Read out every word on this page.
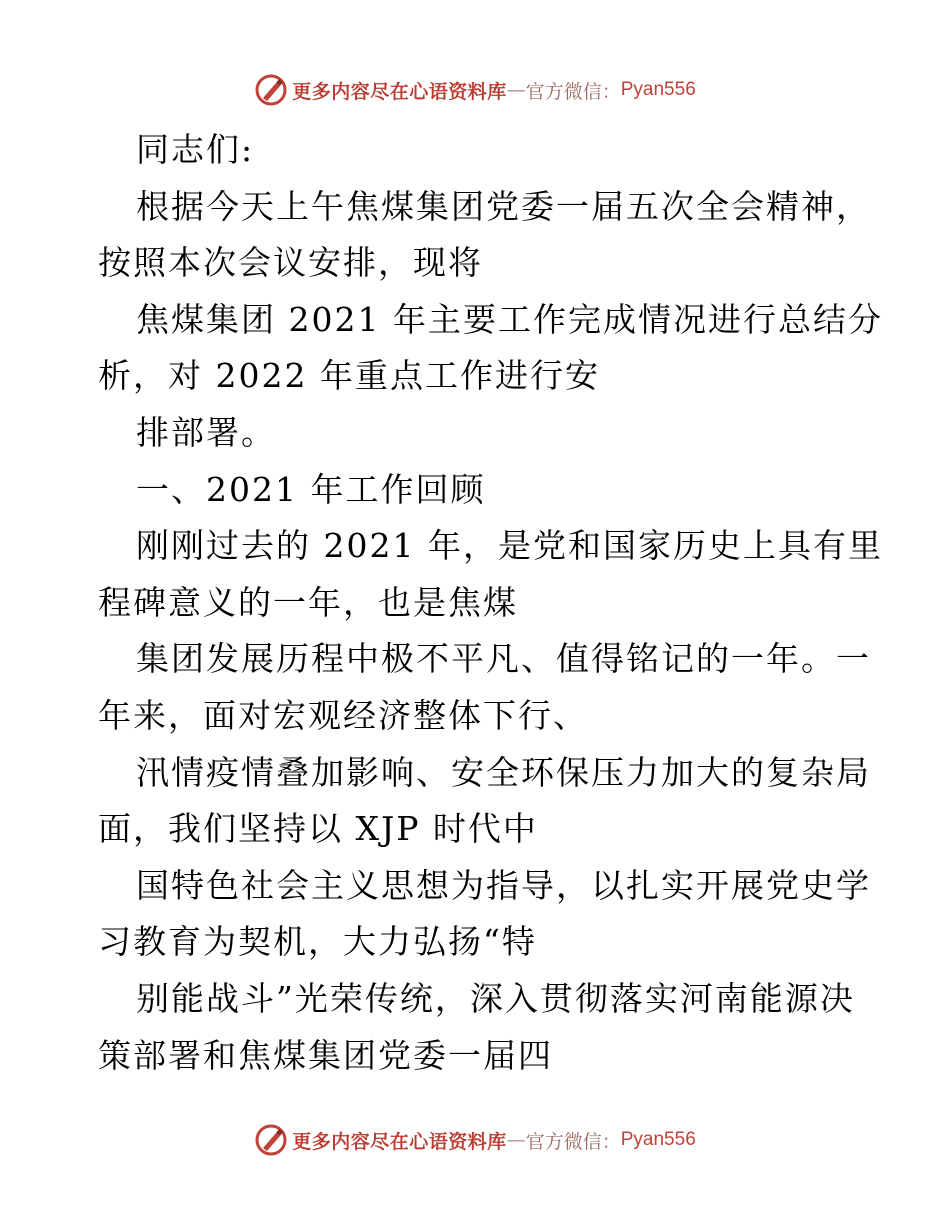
更多内容尽在心语资料库 — 官方微信： Pyan556
同志们:
根据今天上午焦煤集团党委一届五次全会精神，
按照本次会议安排，现将
焦煤集团 2021 年主要工作完成情况进行总结分
析，对 2022 年重点工作进行安
排部署。
一、2021 年工作回顾
刚刚过去的 2021 年，是党和国家历史上具有里
程碑意义的一年，也是焦煤
集团发展历程中极不平凡、值得铭记的一年。一
年来，面对宏观经济整体下行、
汛情疫情叠加影响、安全环保压力加大的复杂局
面，我们坚持以 XJP 时代中
国特色社会主义思想为指导，以扎实开展党史学
习教育为契机，大力弘扬“特
别能战斗”光荣传统，深入贯彻落实河南能源决
策部署和焦煤集团党委一届四
更多内容尽在心语资料库 — 官方微信： Pyan556
